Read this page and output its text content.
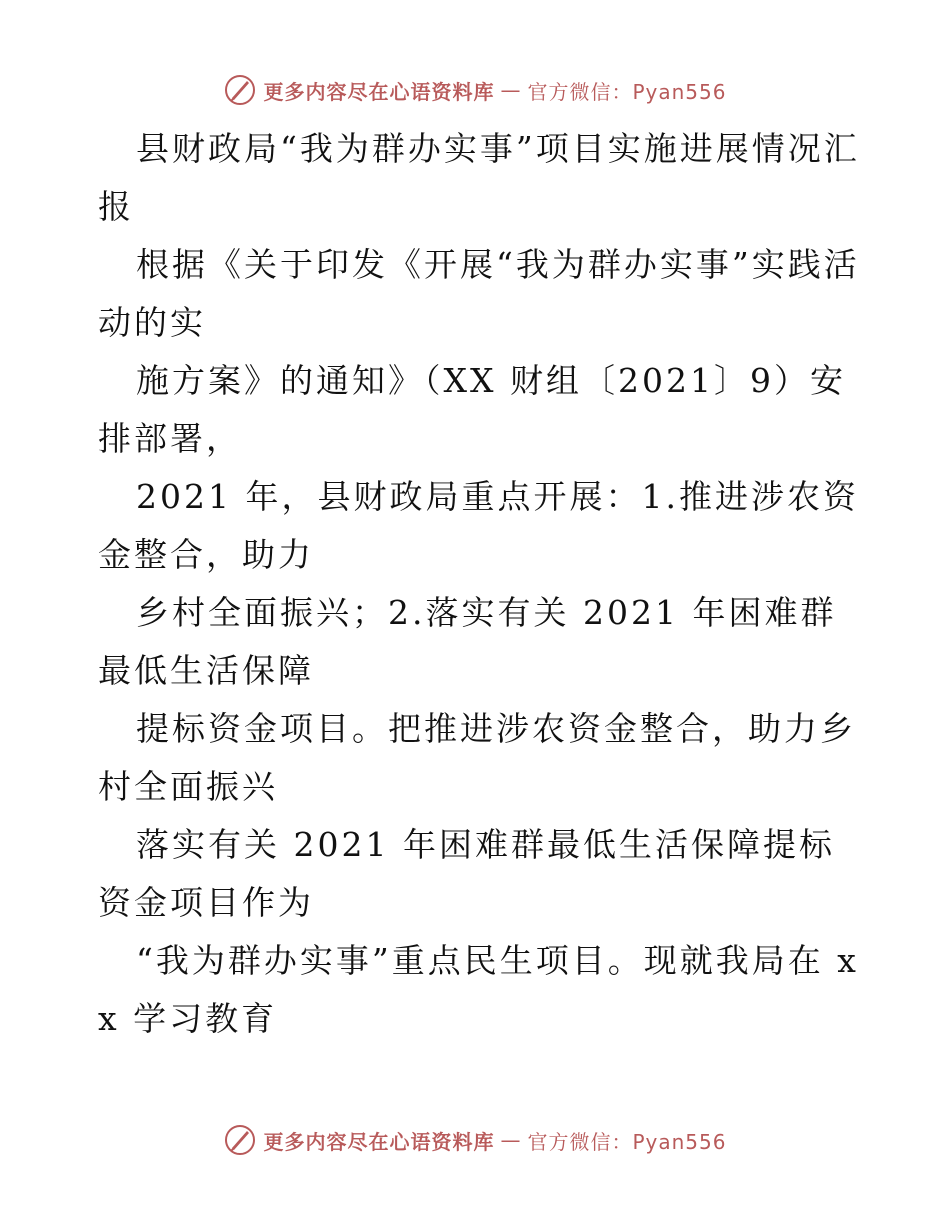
更多内容尽在心语资料库 — 官方微信：Pyan556

县财政局“我为群办实事”项目实施进展情况汇报

根据《关于印发《开展“我为群办实事”实践活动的实

施方案》的通知》（XX 财组〔2021〕9）安排部署，

2021 年，县财政局重点开展：1.推进涉农资金整合，助力

乡村全面振兴；2.落实有关 2021 年困难群最低生活保障

提标资金项目。把推进涉农资金整合，助力乡村全面振兴

落实有关 2021 年困难群最低生活保障提标资金项目作为

“我为群办实事”重点民生项目。现就我局在 xx 学习教育

更多内容尽在心语资料库 — 官方微信：Pyan556
